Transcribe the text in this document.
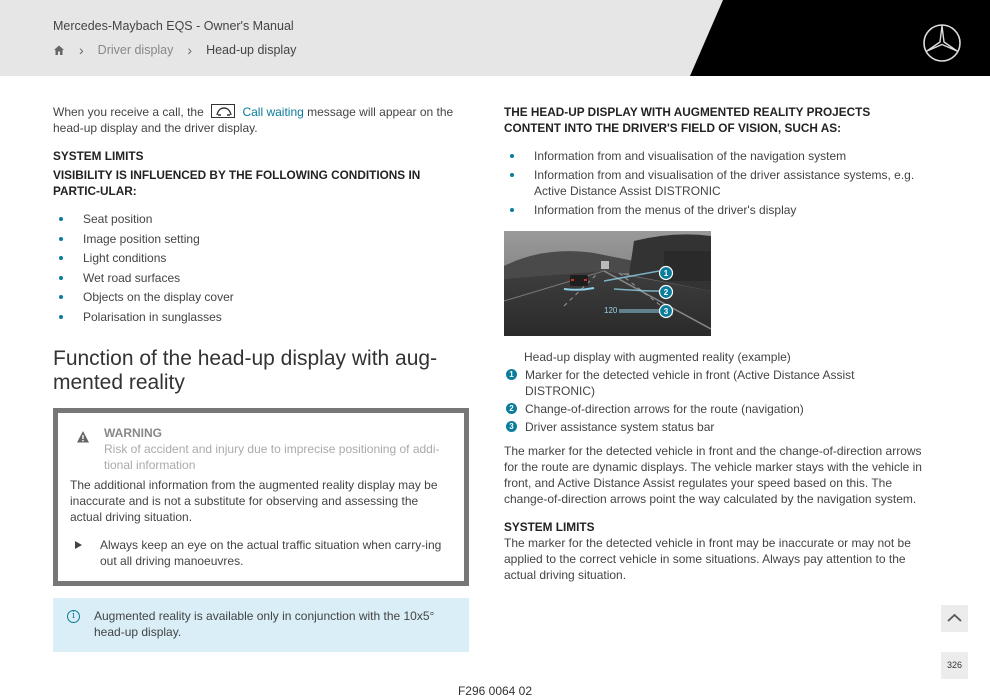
Mercedes-Maybach EQS - Owner's Manual
› Driver display › Head-up display

When you receive a call, the	Call waiting message will appear on the head-up display and the driver display.

SYSTEM LIMITS
VISIBILITY IS INFLUENCED BY THE FOLLOWING CONDITIONS IN PARTIC-ULAR:
Seat position
Image position setting
Light conditions
Wet road surfaces
Objects on the display cover
Polarisation in sunglasses
Function of the head-up display with aug-mented reality
WARNING
Risk of accident and injury due to imprecise positioning of addi-tional information

The additional information from the augmented reality display may be inaccurate and is not a substitute for observing and assessing the actual driving situation.

Always keep an eye on the actual traffic situation when carry-ing out all driving manoeuvres.
i	Augmented reality is available only in conjunction with the 10x5° head-up display.
THE HEAD-UP DISPLAY WITH AUGMENTED REALITY PROJECTS CONTENT INTO THE DRIVER'S FIELD OF VISION, SUCH AS:
Information from and visualisation of the navigation system
Information from and visualisation of the driver assistance systems, e.g. Active Distance Assist DISTRONIC
Information from the menus of the driver's display
120
1
2
3
Head-up display with augmented reality (example)
1 Marker for the detected vehicle in front (Active Distance Assist DISTRONIC)
2 Change-of-direction arrows for the route (navigation)
3 Driver assistance system status bar

The marker for the detected vehicle in front and the change-of-direction arrows for the route are dynamic displays. The vehicle marker stays with the vehicle in front, and Active Distance Assist regulates your speed based on this. The change-of-direction arrows point the way calculated by the navigation system.

SYSTEM LIMITS

The marker for the detected vehicle in front may be inaccurate or may not be applied to the correct vehicle in some situations. Always pay attention to the actual driving situation.

326
F296 0064 02
